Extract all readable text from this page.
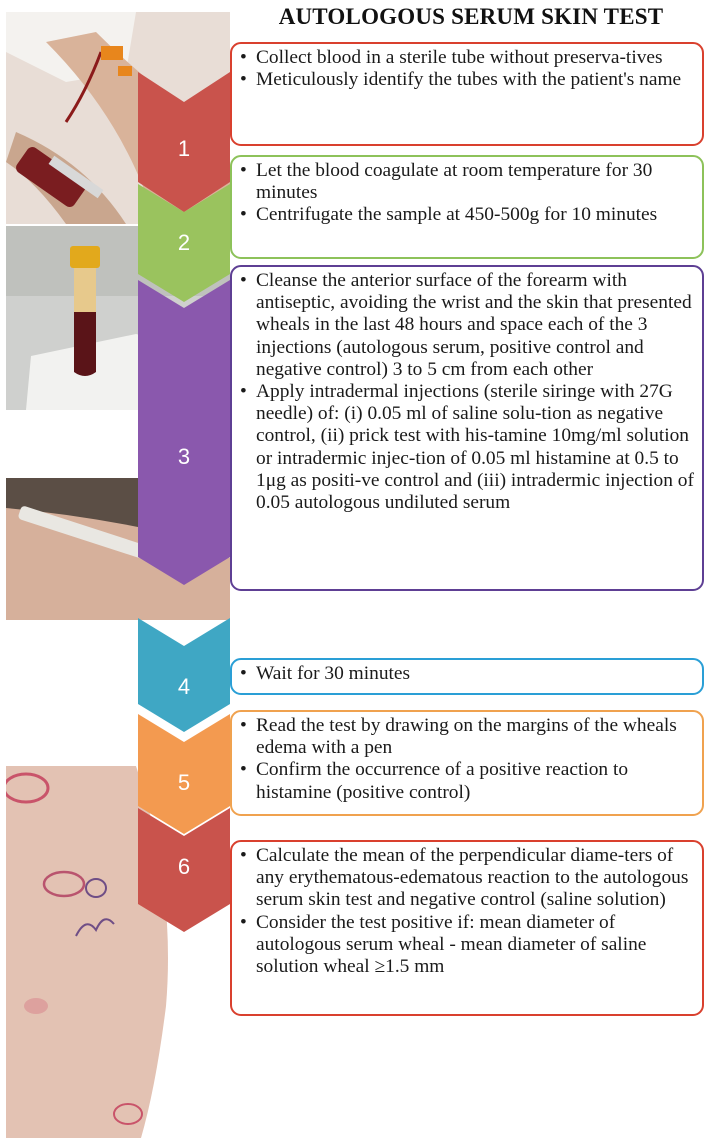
AUTOLOGOUS SERUM SKIN TEST
1
2
3
4
5
6
• Collect blood in a sterile tube without preserva-tives
• Meticulously identify the tubes with the patient's name
• Let the blood coagulate at room temperature for 30 minutes
• Centrifugate the sample at 450-500g for 10 minutes
• Cleanse the anterior surface of the forearm with antiseptic, avoiding the wrist and the skin that presented wheals in the last 48 hours and space each of the 3 injections (autologous serum, positive control and negative control) 3 to 5 cm from each other
• Apply intradermal injections (sterile siringe with 27G needle) of: (i) 0.05 ml of saline solu-tion as negative control, (ii) prick test with his-tamine 10mg/ml solution or intradermic injec-tion of 0.05 ml histamine at 0.5 to 1μg as positi-ve control and (iii) intradermic injection of 0.05 autologous undiluted serum
• Wait for 30 minutes
• Read the test by drawing on the margins of the wheals edema with a pen
• Confirm the occurrence of a positive reaction to histamine (positive control)
• Calculate the mean of the perpendicular diame-ters of any erythematous-edematous reaction to the autologous serum skin test and negative control (saline solution)
• Consider the test positive if: mean diameter of autologous serum wheal - mean diameter of saline solution wheal ≥1.5 mm
